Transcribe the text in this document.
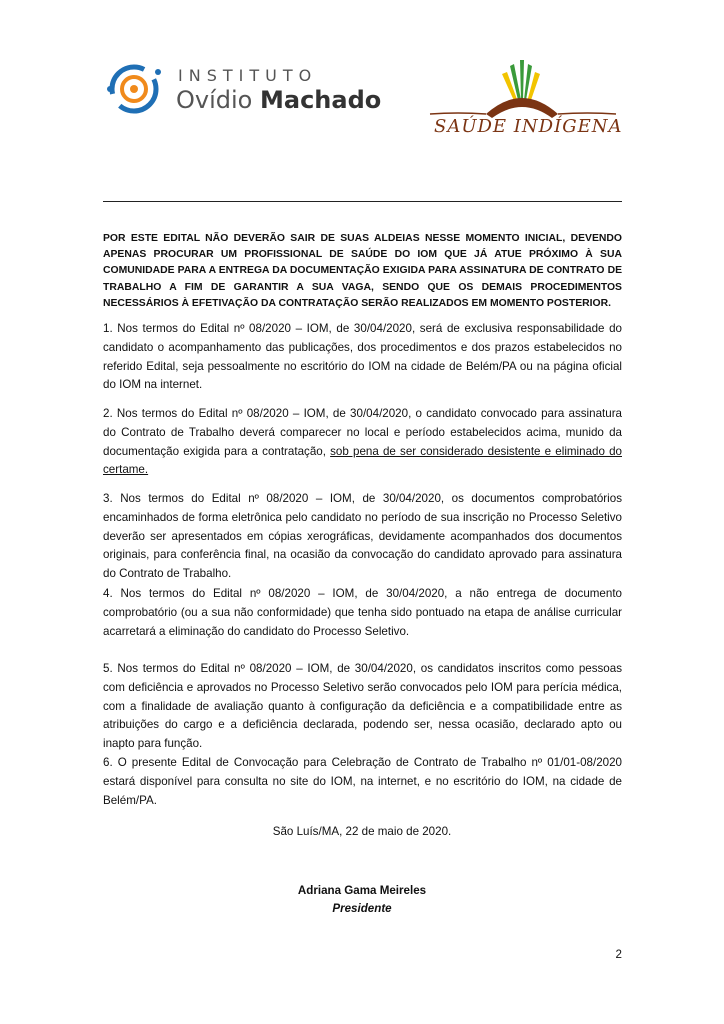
INSTITUTO
Ovídio Machado
SAÚDE INDÍGENA
POR ESTE EDITAL NÃO DEVERÃO SAIR DE SUAS ALDEIAS NESSE MOMENTO INICIAL, DEVENDO APENAS PROCURAR UM PROFISSIONAL DE SAÚDE DO IOM QUE JÁ ATUE PRÓXIMO À SUA COMUNIDADE PARA A ENTREGA DA DOCUMENTAÇÃO EXIGIDA PARA ASSINATURA DE CONTRATO DE TRABALHO A FIM DE GARANTIR A SUA VAGA, SENDO QUE OS DEMAIS PROCEDIMENTOS NECESSÁRIOS À EFETIVAÇÃO DA CONTRATAÇÃO SERÃO REALIZADOS EM MOMENTO POSTERIOR.
1. Nos termos do Edital nº 08/2020 – IOM, de 30/04/2020, será de exclusiva responsabilidade do candidato o acompanhamento das publicações, dos procedimentos e dos prazos estabelecidos no referido Edital, seja pessoalmente no escritório do IOM na cidade de Belém/PA ou na página oficial do IOM na internet.
2. Nos termos do Edital nº 08/2020 – IOM, de 30/04/2020, o candidato convocado para assinatura do Contrato de Trabalho deverá comparecer no local e período estabelecidos acima, munido da documentação exigida para a contratação, sob pena de ser considerado desistente e eliminado do certame.
3. Nos termos do Edital nº 08/2020 – IOM, de 30/04/2020, os documentos comprobatórios encaminhados de forma eletrônica pelo candidato no período de sua inscrição no Processo Seletivo deverão ser apresentados em cópias xerográficas, devidamente acompanhados dos documentos originais, para conferência final, na ocasião da convocação do candidato aprovado para assinatura do Contrato de Trabalho.
4. Nos termos do Edital nº 08/2020 – IOM, de 30/04/2020, a não entrega de documento comprobatório (ou a sua não conformidade) que tenha sido pontuado na etapa de análise curricular acarretará a eliminação do candidato do Processo Seletivo.
5. Nos termos do Edital nº 08/2020 – IOM, de 30/04/2020, os candidatos inscritos como pessoas com deficiência e aprovados no Processo Seletivo serão convocados pelo IOM para perícia médica, com a finalidade de avaliação quanto à configuração da deficiência e a compatibilidade entre as atribuições do cargo e a deficiência declarada, podendo ser, nessa ocasião, declarado apto ou inapto para função.
6. O presente Edital de Convocação para Celebração de Contrato de Trabalho nº 01/01-08/2020 estará disponível para consulta no site do IOM, na internet, e no escritório do IOM, na cidade de Belém/PA.
São Luís/MA, 22 de maio de 2020.
Adriana Gama Meireles
Presidente
2
